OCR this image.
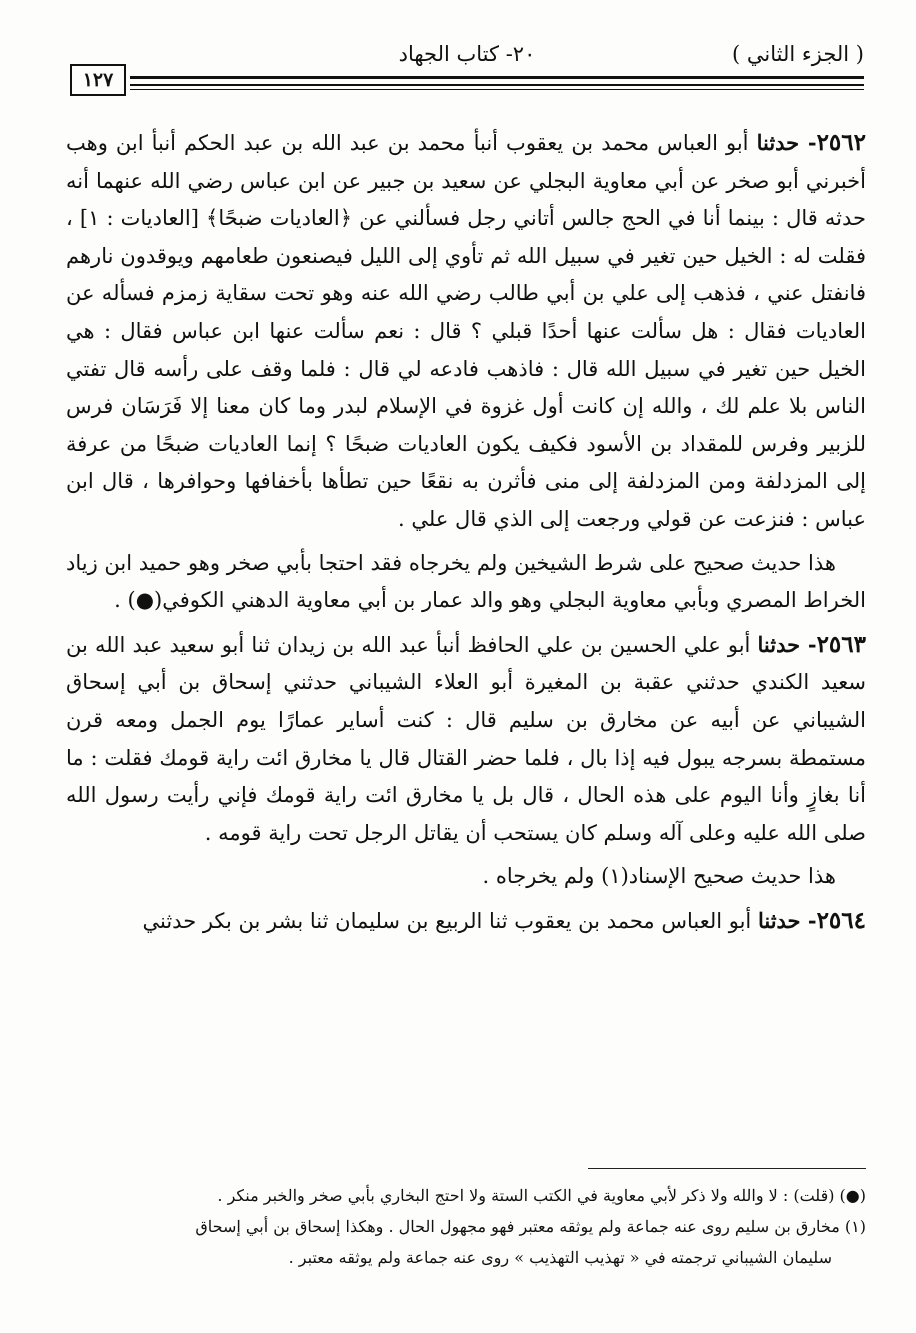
( الجزء الثاني )
٢٠- كتاب الجهاد
١٢٧

٢٥٦٢- حدثنا أبو العباس محمد بن يعقوب أنبأ محمد بن عبد الله بن عبد الحكم أنبأ ابن وهب أخبرني أبو صخر عن أبي معاوية البجلي عن سعيد بن جبير عن ابن عباس رضي الله عنهما أنه حدثه قال : بينما أنا في الحج جالس أتاني رجل فسألني عن ﴿العاديات ضبحًا﴾ [العاديات : ١] ، فقلت له : الخيل حين تغير في سبيل الله ثم تأوي إلى الليل فيصنعون طعامهم ويوقدون نارهم فانفتل عني ، فذهب إلى علي بن أبي طالب رضي الله عنه وهو تحت سقاية زمزم فسأله عن العاديات فقال : هل سألت عنها أحدًا قبلي ؟ قال : نعم سألت عنها ابن عباس فقال : هي الخيل حين تغير في سبيل الله قال : فاذهب فادعه لي قال : فلما وقف على رأسه قال تفتي الناس بلا علم لك ، والله إن كانت أول غزوة في الإسلام لبدر وما كان معنا إلا فَرَسَان فرس للزبير وفرس للمقداد بن الأسود فكيف يكون العاديات ضبحًا ؟ إنما العاديات ضبحًا من عرفة إلى المزدلفة ومن المزدلفة إلى منى فأثرن به نقعًا حين تطأها بأخفافها وحوافرها ، قال ابن عباس : فنزعت عن قولي ورجعت إلى الذي قال علي .

هذا حديث صحيح على شرط الشيخين ولم يخرجاه فقد احتجا بأبي صخر وهو حميد ابن زياد الخراط المصري وبأبي معاوية البجلي وهو والد عمار بن أبي معاوية الدهني الكوفي(●) .

٢٥٦٣- حدثنا أبو علي الحسين بن علي الحافظ أنبأ عبد الله بن زيدان ثنا أبو سعيد عبد الله بن سعيد الكندي حدثني عقبة بن المغيرة أبو العلاء الشيباني حدثني إسحاق بن أبي إسحاق الشيباني عن أبيه عن مخارق بن سليم قال : كنت أساير عمارًا يوم الجمل ومعه قرن مستمطة بسرجه يبول فيه إذا بال ، فلما حضر القتال قال يا مخارق ائت راية قومك فقلت : ما أنا بغازٍ وأنا اليوم على هذه الحال ، قال بل يا مخارق ائت راية قومك فإني رأيت رسول الله صلى الله عليه وعلى آله وسلم كان يستحب أن يقاتل الرجل تحت راية قومه .

هذا حديث صحيح الإسناد(١) ولم يخرجاه .

٢٥٦٤- حدثنا أبو العباس محمد بن يعقوب ثنا الربيع بن سليمان ثنا بشر بن بكر حدثني

(●) (قلت) : لا والله ولا ذكر لأبي معاوية في الكتب الستة ولا احتج البخاري بأبي صخر والخبر منكر .

(١) مخارق بن سليم روى عنه جماعة ولم يوثقه معتبر فهو مجهول الحال . وهكذا إسحاق بن أبي إسحاق

سليمان الشيباني ترجمته في « تهذيب التهذيب » روى عنه جماعة ولم يوثقه معتبر .
